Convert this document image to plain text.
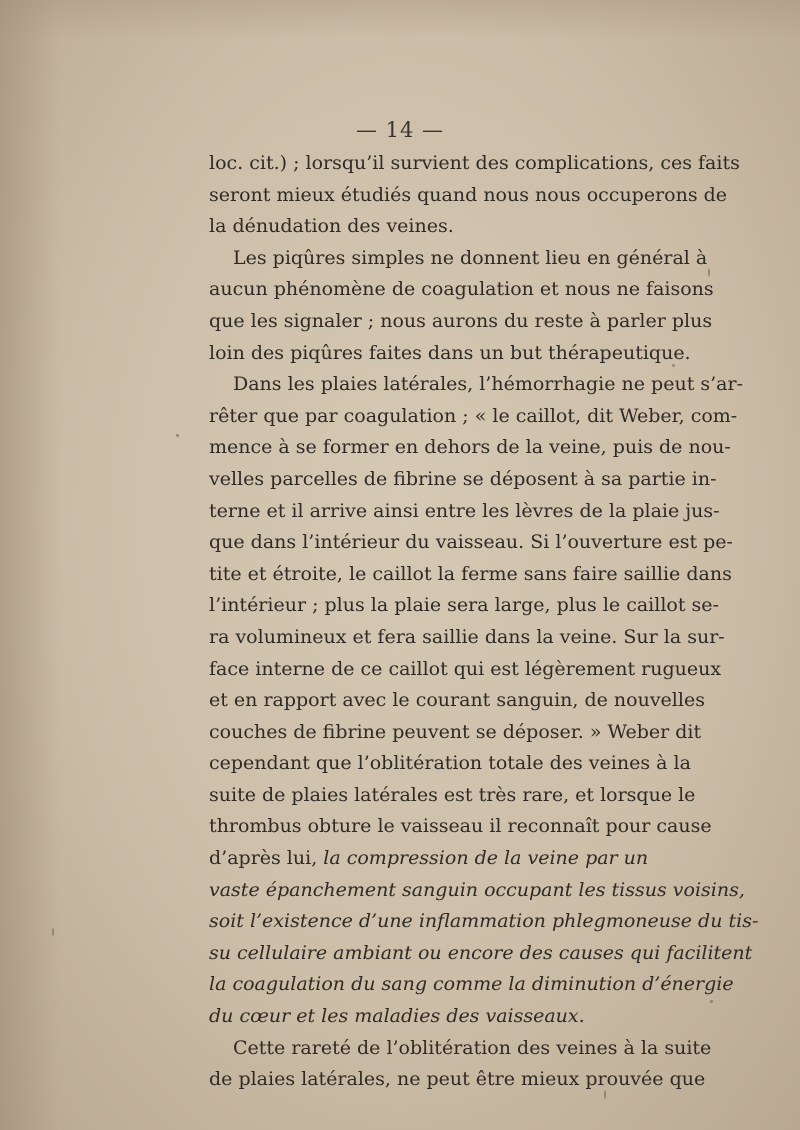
— 14 —
loc. cit.) ; lorsqu’il survient des complications, ces faits
seront mieux étudiés quand nous nous occuperons de
la dénudation des veines.
Les piqûres simples ne donnent lieu en général à
aucun phénomène de coagulation et nous ne faisons
que les signaler ; nous aurons du reste à parler plus
loin des piqûres faites dans un but thérapeutique.
Dans les plaies latérales, l’hémorrhagie ne peut s’ar-
rêter que par coagulation ; « le caillot, dit Weber, com-
mence à se former en dehors de la veine, puis de nou-
velles parcelles de fibrine se déposent à sa partie in-
terne et il arrive ainsi entre les lèvres de la plaie jus-
que dans l’intérieur du vaisseau. Si l’ouverture est pe-
tite et étroite, le caillot la ferme sans faire saillie dans
l’intérieur ; plus la plaie sera large, plus le caillot se-
ra volumineux et fera saillie dans la veine. Sur la sur-
face interne de ce caillot qui est légèrement rugueux
et en rapport avec le courant sanguin, de nouvelles
couches de fibrine peuvent se déposer. » Weber dit
cependant que l’oblitération totale des veines à la
suite de plaies latérales est très rare, et lorsque le
thrombus obture le vaisseau il reconnaît pour cause
d’après lui, la compression de la veine par un
vaste épanchement sanguin occupant les tissus voisins,
soit l’existence d’une inflammation phlegmoneuse du tis-
su cellulaire ambiant ou encore des causes qui facilitent
la coagulation du sang comme la diminution d’énergie
du cœur et les maladies des vaisseaux.
Cette rareté de l’oblitération des veines à la suite
de plaies latérales, ne peut être mieux prouvée que
